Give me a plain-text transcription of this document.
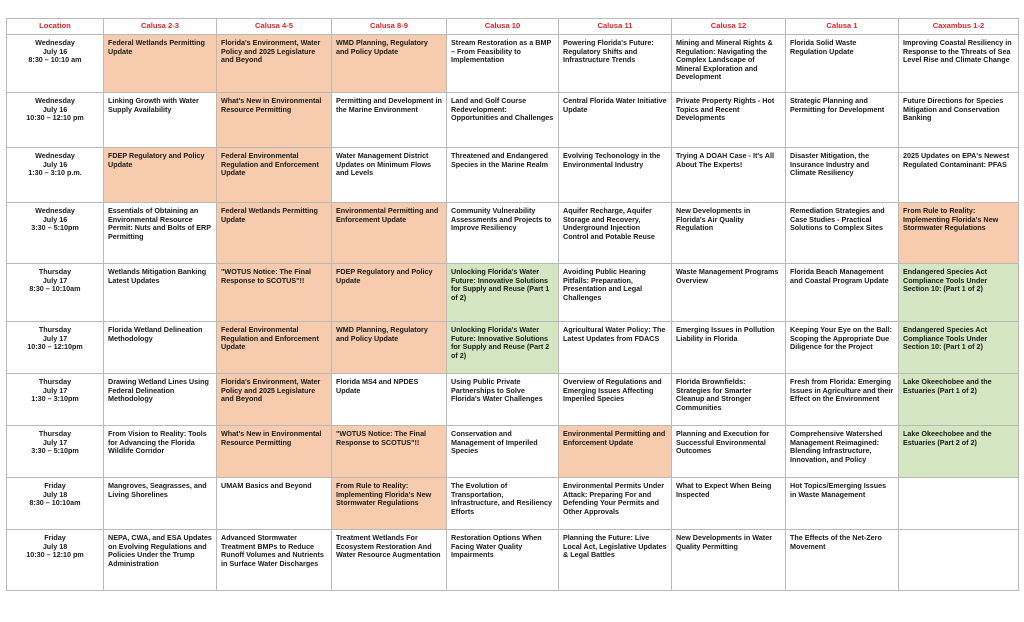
Location	Calusa 2-3	Calusa 4-5	Calusa 8-9	Calusa 10	Calusa 11	Calusa 12	Calusa 1	Caxambus 1-2

Wednesday
July 16
8:30 – 10:10 am	Federal Wetlands Permitting Update	Florida's Environment, Water Policy and 2025 Legislature and Beyond	WMD Planning, Regulatory and Policy Update	Stream Restoration as a BMP – From Feasibility to Implementation	Powering Florida's Future: Regulatory Shifts and Infrastructure Trends	Mining and Mineral Rights & Regulation: Navigating the Complex Landscape of Mineral Exploration and Development	Florida Solid Waste Regulation Update	Improving Coastal Resiliency in Response to the Threats of Sea Level Rise and Climate Change

Wednesday
July 16
10:30 – 12:10 pm	Linking Growth with Water Supply Availability	What's New in Environmental Resource Permitting	Permitting and Development in the Marine Environment	Land and Golf Course Redevelopment: Opportunities and Challenges	Central Florida Water Initiative Update	Private Property Rights - Hot Topics and Recent Developments	Strategic Planning and Permitting for Development	Future Directions for Species Mitigation and Conservation Banking

Wednesday
July 16
1:30 – 3:10 p.m.	FDEP Regulatory and Policy Update	Federal Environmental Regulation and Enforcement Update	Water Management District Updates on Minimum Flows and Levels	Threatened and Endangered Species in the Marine Realm	Evolving Techonology in the Environmental Industry	Trying A DOAH Case - It's All About The Experts!	Disaster Mitigation, the Insurance Industry and Climate Resiliency	2025 Updates on EPA's Newest Regulated Contaminant: PFAS

Wednesday
July 16
3:30 – 5:10pm	Essentials of Obtaining an Environmental Resource Permit: Nuts and Bolts of ERP Permitting	Federal Wetlands Permitting Update	Environmental Permitting and Enforcement Update	Community Vulnerability Assessments and Projects to Improve Resiliency	Aquifer Recharge, Aquifer Storage and Recovery, Underground Injection Control and Potable Reuse	New Developments in Florida's Air Quality Regulation	Remediation Strategies and Case Studies - Practical Solutions to Complex Sites	From Rule to Reality: Implementing Florida's New Stormwater Regulations

Thursday
July 17
8:30 – 10:10am	Wetlands Mitigation Banking Latest Updates	"WOTUS Notice: The Final Response to SCOTUS"!!	FDEP Regulatory and Policy Update	Unlocking Florida's Water Future: Innovative Solutions for Supply and Reuse (Part 1 of 2)	Avoiding Public Hearing Pitfalls: Preparation, Presentation and Legal Challenges	Waste Management Programs Overview	Florida Beach Management and Coastal Program Update	Endangered Species Act Compliance Tools Under Section 10: (Part 1 of 2)

Thursday
July 17
10:30 – 12:10pm	Florida Wetland Delineation Methodology	Federal Environmental Regulation and Enforcement Update	WMD Planning, Regulatory and Policy Update	Unlocking Florida's Water Future: Innovative Solutions for Supply and Reuse (Part 2 of 2)	Agricultural Water Policy: The Latest Updates from FDACS	Emerging Issues in Pollution Liability in Florida	Keeping Your Eye on the Ball: Scoping the Appropriate Due Diligence for the Project	Endangered Species Act Compliance Tools Under Section 10: (Part 1 of 2)

Thursday
July 17
1:30 – 3:10pm	Drawing Wetland Lines Using Federal Delineation Methodology	Florida's Environment, Water Policy and 2025 Legislature and Beyond	Florida MS4 and NPDES Update	Using Public Private Partnerships to Solve Florida's Water Challenges	Overview of Regulations and Emerging Issues Affecting Imperiled Species	Florida Brownfields: Strategies for Smarter Cleanup and Stronger Communities	Fresh from Florida: Emerging Issues in Agriculture and their Effect on the Environment	Lake Okeechobee and the Estuaries (Part 1 of 2)

Thursday
July 17
3:30 – 5:10pm	From Vision to Reality: Tools for Advancing the Florida Wildlife Corridor	What's New in Environmental Resource Permitting	"WOTUS Notice: The Final Response to SCOTUS"!!	Conservation and Management of Imperiled Species	Environmental Permitting and Enforcement Update	Planning and Execution for Successful Environmental Outcomes	Comprehensive Watershed Management Reimagined: Blending Infrastructure, Innovation, and Policy	Lake Okeechobee and the Estuaries (Part 2 of 2)

Friday
July 18
8:30 – 10:10am	Mangroves, Seagrasses, and Living Shorelines	UMAM Basics and Beyond	From Rule to Reality: Implementing Florida's New Stormwater Regulations	The Evolution of Transportation, Infrastructure, and Resiliency Efforts	Environmental Permits Under Attack: Preparing For and Defending Your Permits and Other Approvals	What to Expect When Being Inspected	Hot Topics/Emerging Issues in Waste Management	

Friday
July 18
10:30 – 12:10 pm	NEPA, CWA, and ESA Updates on Evolving Regulations and Policies Under the Trump Administration	Advanced Stormwater Treatment BMPs to Reduce Runoff Volumes and Nutrients in Surface Water Discharges	Treatment Wetlands For Ecosystem Restoration And Water Resource Augmentation	Restoration Options When Facing Water Quality Impairments	Planning the Future: Live Local Act, Legislative Updates & Legal Battles	New Developments in Water Quality Permitting	The Effects of the Net-Zero Movement	
